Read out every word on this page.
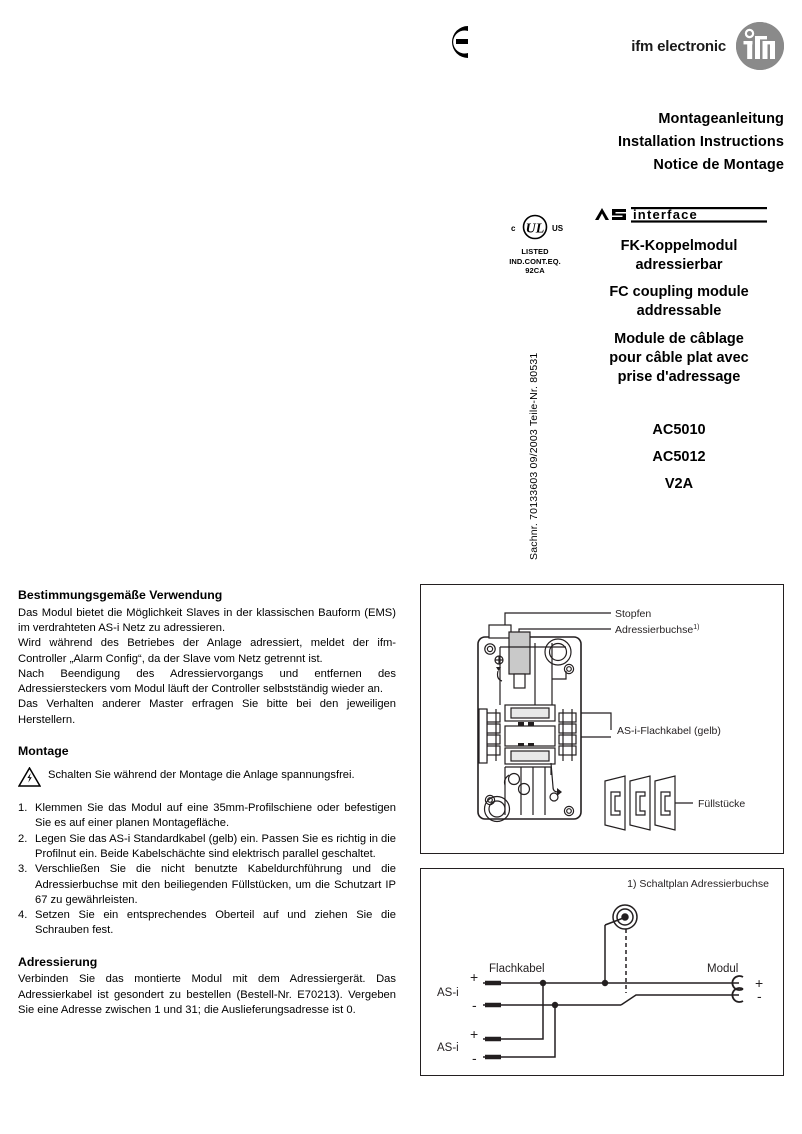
ifm electronic
Montageanleitung
Installation Instructions
Notice de Montage
c UL US
LISTED
IND.CONT.EQ.
92CA
interface
FK-Koppelmodul
adressierbar
FC coupling module
addressable
Module de câblage
pour câble plat avec
prise d'adressage
AC5010
AC5012
V2A
Sachnr. 70133603 09/2003 Teile-Nr. 80531
Bestimmungsgemäße Verwendung

Das Modul bietet die Möglichkeit Slaves in der klassischen Bauform (EMS) im verdrahteten AS-i Netz zu adressieren.

Wird während des Betriebes der Anlage adressiert, meldet der ifm-Controller „Alarm Config“, da der Slave vom Netz getrennt ist.

Nach Beendigung des Adressiervorgangs und entfernen des Adressiersteckers vom Modul läuft der Controller selbstständig wieder an.

Das Verhalten anderer Master erfragen Sie bitte bei den jeweiligen Herstellern.

Montage
Schalten Sie während der Montage die Anlage spannungsfrei.
Klemmen Sie das Modul auf eine 35mm-Profilschiene oder befestigen Sie es auf einer planen Montagefläche.
Legen Sie das AS-i Standardkabel (gelb) ein. Passen Sie es richtig in die Profilnut ein. Beide Kabelschächte sind elektrisch parallel geschaltet.
Verschließen Sie die nicht benutzte Kabeldurchführung und die Adressierbuchse mit den beiliegenden Füllstücken, um die Schutzart IP 67 zu gewährleisten.
Setzen Sie ein entsprechendes Oberteil auf und ziehen Sie die Schrauben fest.
Adressierung

Verbinden Sie das montierte Modul mit dem Adressiergerät. Das Adressierkabel ist gesondert zu bestellen (Bestell-Nr. E70213). Vergeben Sie eine Adresse zwischen 1 und 31; die Auslieferungsadresse ist 0.

Stopfen
Adressierbuchse$^{1)}$
AS-i-Flachkabel (gelb)
Füllstücke
1) Schaltplan Adressierbuchse
Flachkabel	Modul
AS-i
AS-i
+
-
+
-
+
-
